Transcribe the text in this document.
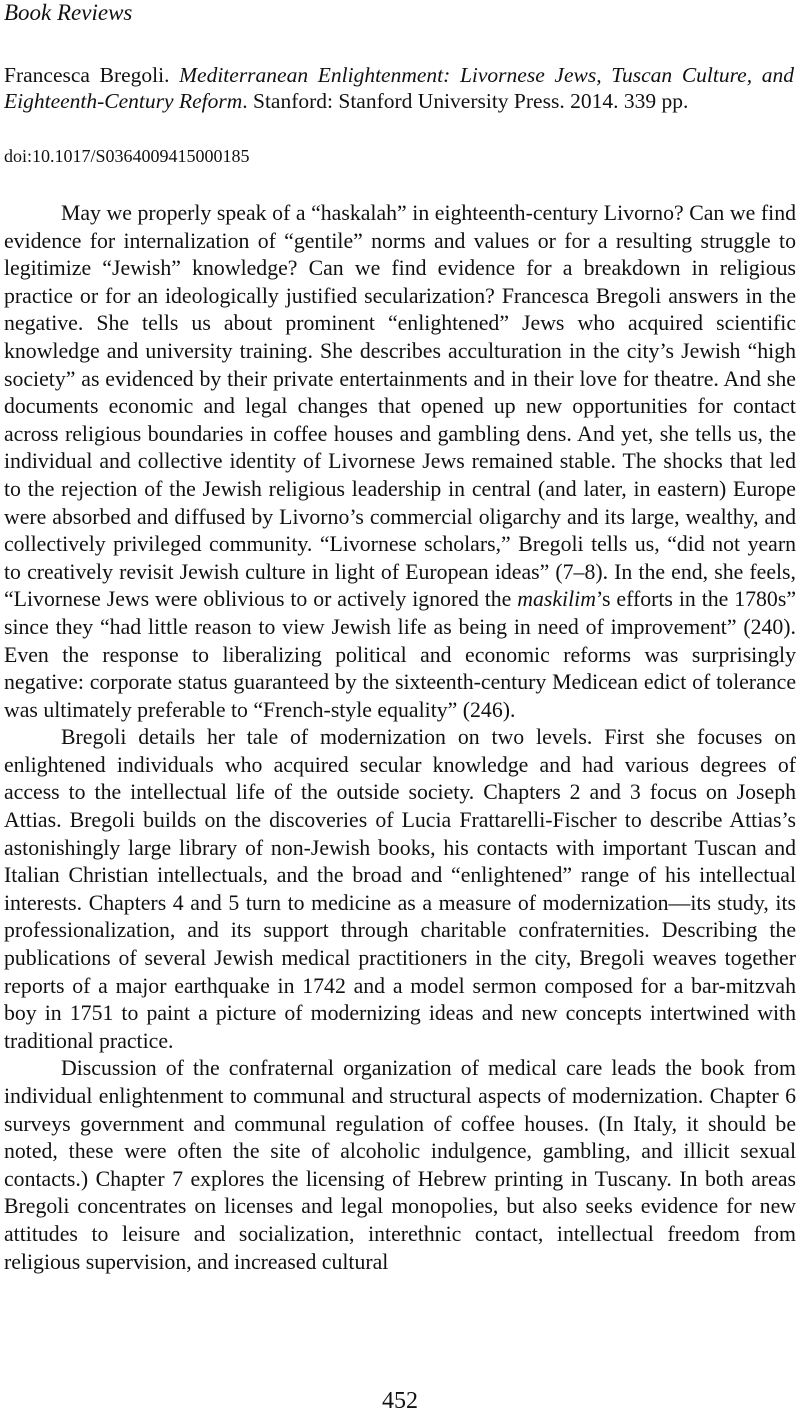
Book Reviews
Francesca Bregoli. Mediterranean Enlightenment: Livornese Jews, Tuscan Culture, and Eighteenth-Century Reform. Stanford: Stanford University Press. 2014. 339 pp.
doi:10.1017/S0364009415000185

May we properly speak of a “haskalah” in eighteenth-century Livorno? Can we find evidence for internalization of “gentile” norms and values or for a resulting struggle to legitimize “Jewish” knowledge? Can we find evidence for a breakdown in religious practice or for an ideologically justified secularization? Francesca Bregoli answers in the negative. She tells us about prominent “enlightened” Jews who acquired scientific knowledge and university training. She describes acculturation in the city’s Jewish “high society” as evidenced by their private entertainments and in their love for theatre. And she documents economic and legal changes that opened up new opportunities for contact across religious boundaries in coffee houses and gambling dens. And yet, she tells us, the individual and collective identity of Livornese Jews remained stable. The shocks that led to the rejection of the Jewish religious leadership in central (and later, in eastern) Europe were absorbed and diffused by Livorno’s commercial oligarchy and its large, wealthy, and collectively privileged community. “Livornese scholars,” Bregoli tells us, “did not yearn to creatively revisit Jewish culture in light of European ideas” (7–8). In the end, she feels, “Livornese Jews were oblivious to or actively ignored the maskilim’s efforts in the 1780s” since they “had little reason to view Jewish life as being in need of improvement” (240). Even the response to liberalizing political and economic reforms was surprisingly negative: corporate status guaranteed by the sixteenth-century Medicean edict of tolerance was ultimately preferable to “French-style equality” (246).

Bregoli details her tale of modernization on two levels. First she focuses on enlightened individuals who acquired secular knowledge and had various degrees of access to the intellectual life of the outside society. Chapters 2 and 3 focus on Joseph Attias. Bregoli builds on the discoveries of Lucia Frattarelli-Fischer to describe Attias’s astonishingly large library of non-Jewish books, his contacts with important Tuscan and Italian Christian intellectuals, and the broad and “enlightened” range of his intellectual interests. Chapters 4 and 5 turn to medicine as a measure of modernization—its study, its professionalization, and its support through charitable confraternities. Describing the publications of several Jewish medical practitioners in the city, Bregoli weaves together reports of a major earthquake in 1742 and a model sermon composed for a bar-mitzvah boy in 1751 to paint a picture of modernizing ideas and new concepts intertwined with traditional practice.

Discussion of the confraternal organization of medical care leads the book from individual enlightenment to communal and structural aspects of modernization. Chapter 6 surveys government and communal regulation of coffee houses. (In Italy, it should be noted, these were often the site of alcoholic indulgence, gambling, and illicit sexual contacts.) Chapter 7 explores the licensing of Hebrew printing in Tuscany. In both areas Bregoli concentrates on licenses and legal monopolies, but also seeks evidence for new attitudes to leisure and socialization, interethnic contact, intellectual freedom from religious supervision, and increased cultural

452
